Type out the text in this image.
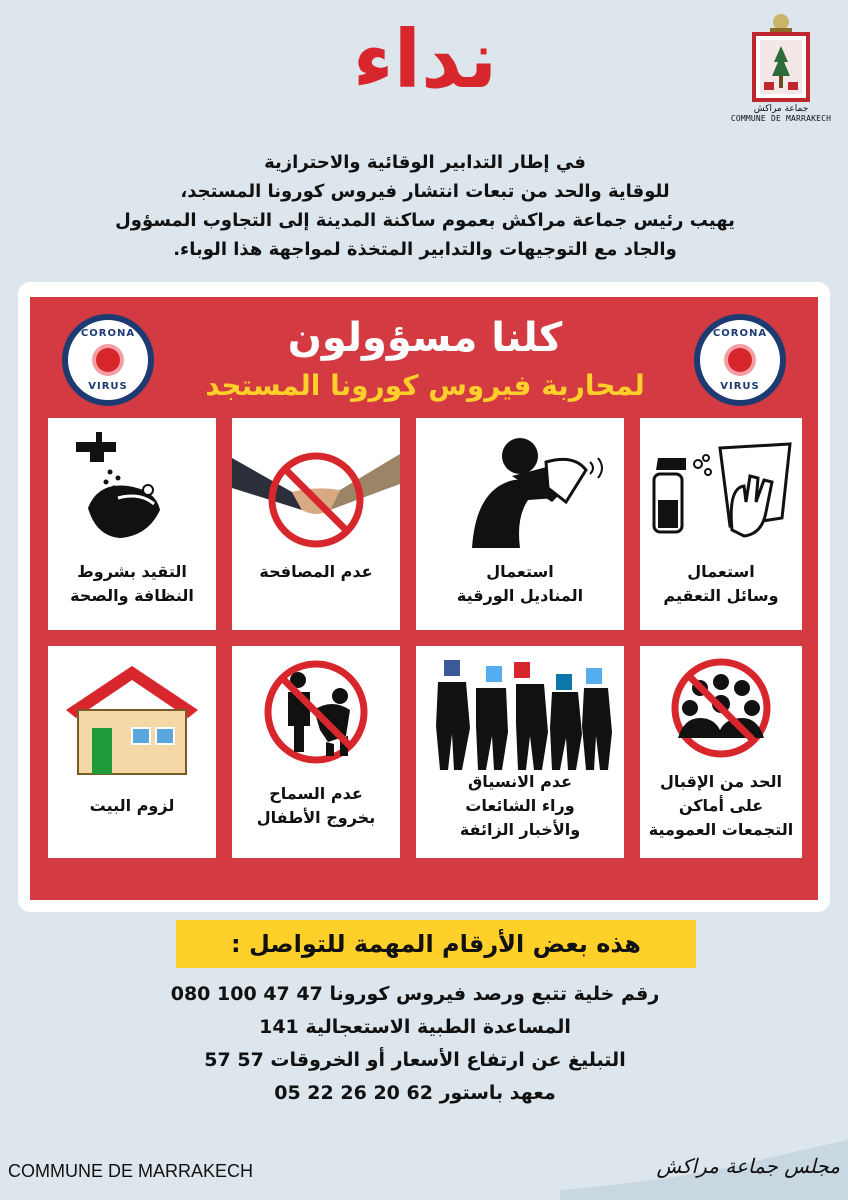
نداء
جماعة مراكش
COMMUNE DE MARRAKECH
في إطار التدابير الوقائية والاحترازية
للوقاية والحد من تبعات انتشار فيروس كورونا المستجد،
يهيب رئيس جماعة مراكش بعموم ساكنة المدينة إلى التجاوب المسؤول
والجاد مع التوجيهات والتدابير المتخذة لمواجهة هذا الوباء.
CORONA
VIRUS
CORONA
VIRUS
كلنا مسؤولون
لمحاربة فيروس كورونا المستجد
التقيد بشروط
النظافة والصحة
عدم المصافحة	استعمال
المناديل الورقية
استعمال
وسائل التعقيم
لزوم البيت
عدم السماح
بخروج الأطفال
عدم الانسياق
وراء الشائعات
والأخبار الزائفة
الحد من الإقبال
على أماكن
التجمعات العمومية
هذه بعض الأرقام المهمة للتواصل :
رقم خلية تتبع ورصد فيروس كورونا 47 47 100 080
المساعدة الطبية الاستعجالية 141
التبليغ عن ارتفاع الأسعار أو الخروقات 57 57
معهد باستور 62 20 26 22 05
COMMUNE DE MARRAKECH	مجلس جماعة مراكش
